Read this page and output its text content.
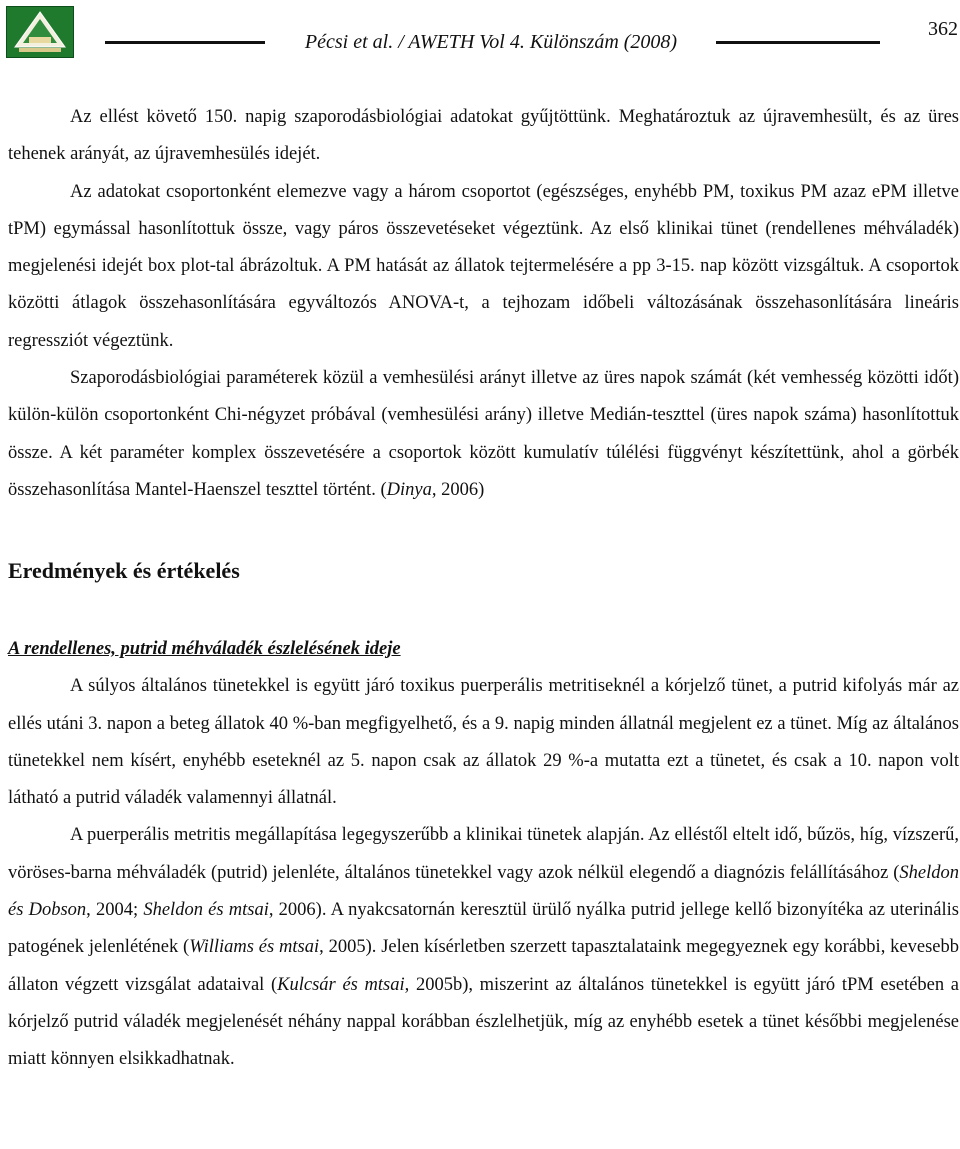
Pécsi et al. / AWETH Vol 4. Különszám (2008)
362

Az ellést követő 150. napig szaporodásbiológiai adatokat gyűjtöttünk. Meghatároztuk az újravemhesült, és az üres tehenek arányát, az újravemhesülés idejét.

Az adatokat csoportonként elemezve vagy a három csoportot (egészséges, enyhébb PM, toxikus PM azaz ePM illetve tPM) egymással hasonlítottuk össze, vagy páros összevetéseket végeztünk. Az első klinikai tünet (rendellenes méhváladék) megjelenési idejét box plot-tal ábrázoltuk. A PM hatását az állatok tejtermelésére a pp 3-15. nap között vizsgáltuk. A csoportok közötti átlagok összehasonlítására egyváltozós ANOVA-t, a tejhozam időbeli változásának összehasonlítására lineáris regressziót végeztünk.

Szaporodásbiológiai paraméterek közül a vemhesülési arányt illetve az üres napok számát (két vemhesség közötti időt) külön-külön csoportonként Chi-négyzet próbával (vemhesülési arány) illetve Medián-teszttel (üres napok száma) hasonlítottuk össze. A két paraméter komplex összevetésére a csoportok között kumulatív túlélési függvényt készítettünk, ahol a görbék összehasonlítása Mantel-Haenszel teszttel történt. (Dinya, 2006)

Eredmények és értékelés
A rendellenes, putrid méhváladék észlelésének ideje

A súlyos általános tünetekkel is együtt járó toxikus puerperális metritiseknél a kórjelző tünet, a putrid kifolyás már az ellés utáni 3. napon a beteg állatok 40 %-ban megfigyelhető, és a 9. napig minden állatnál megjelent ez a tünet. Míg az általános tünetekkel nem kísért, enyhébb eseteknél az 5. napon csak az állatok 29 %-a mutatta ezt a tünetet, és csak a 10. napon volt látható a putrid váladék valamennyi állatnál.

A puerperális metritis megállapítása legegyszerűbb a klinikai tünetek alapján. Az elléstől eltelt idő, bűzös, híg, vízszerű, vöröses-barna méhváladék (putrid) jelenléte, általános tünetekkel vagy azok nélkül elegendő a diagnózis felállításához (Sheldon és Dobson, 2004; Sheldon és mtsai, 2006). A nyakcsatornán keresztül ürülő nyálka putrid jellege kellő bizonyítéka az uterinális patogének jelenlétének (Williams és mtsai, 2005). Jelen kísérletben szerzett tapasztalataink megegyeznek egy korábbi, kevesebb állaton végzett vizsgálat adataival (Kulcsár és mtsai, 2005b), miszerint az általános tünetekkel is együtt járó tPM esetében a kórjelző putrid váladék megjelenését néhány nappal korábban észlelhetjük, míg az enyhébb esetek a tünet későbbi megjelenése miatt könnyen elsikkadhatnak.
